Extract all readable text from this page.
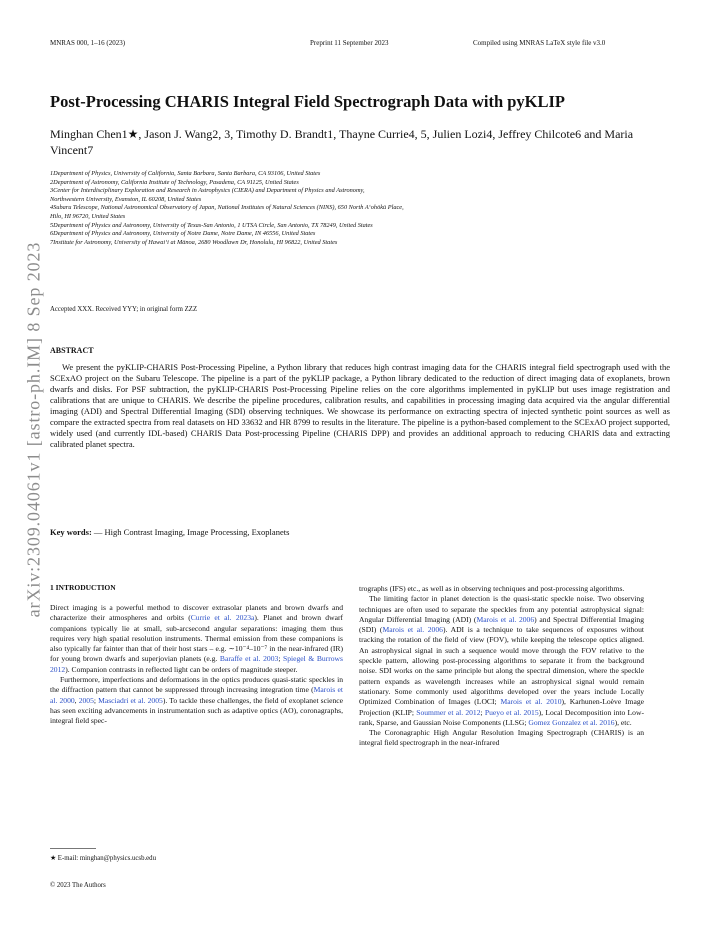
MNRAS 000, 1–16 (2023)	Preprint 11 September 2023	Compiled using MNRAS LaTeX style file v3.0
arXiv:2309.04061v1 [astro-ph.IM] 8 Sep 2023
Post-Processing CHARIS Integral Field Spectrograph Data with pyKLIP
Minghan Chen1★, Jason J. Wang2, 3, Timothy D. Brandt1, Thayne Currie4, 5, Julien Lozi4, Jeffrey Chilcote6 and Maria Vincent7
1Department of Physics, University of California, Santa Barbara, Santa Barbara, CA 93106, United States
2Department of Astronomy, California Institute of Technology, Pasadena, CA 91125, United States
3Center for Interdisciplinary Exploration and Research in Astrophysics (CIERA) and Department of Physics and Astronomy,
Northwestern University, Evanston, IL 60208, United States
4Subaru Telescope, National Astronomical Observatory of Japan, National Institutes of Natural Sciences (NINS), 650 North A‘ohōkū Place,
Hilo, HI 96720, United States
5Department of Physics and Astronomy, University of Texas-San Antonio, 1 UTSA Circle, San Antonio, TX 78249, United States
6Department of Physics and Astronomy, University of Notre Dame, Notre Dame, IN 46556, United States
7Institute for Astronomy, University of Hawai‘i at Mānoa, 2680 Woodlawn Dr, Honolulu, HI 96822, United States
Accepted XXX. Received YYY; in original form ZZZ
ABSTRACT
We present the pyKLIP-CHARIS Post-Processing Pipeline, a Python library that reduces high contrast imaging data for the CHARIS integral field spectrograph used with the SCExAO project on the Subaru Telescope. The pipeline is a part of the pyKLIP package, a Python library dedicated to the reduction of direct imaging data of exoplanets, brown dwarfs and disks. For PSF subtraction, the pyKLIP-CHARIS Post-Processing Pipeline relies on the core algorithms implemented in pyKLIP but uses image registration and calibrations that are unique to CHARIS. We describe the pipeline procedures, calibration results, and capabilities in processing imaging data acquired via the angular differential imaging (ADI) and Spectral Differential Imaging (SDI) observing techniques. We showcase its performance on extracting spectra of injected synthetic point sources as well as compare the extracted spectra from real datasets on HD 33632 and HR 8799 to results in the literature. The pipeline is a python-based complement to the SCExAO project supported, widely used (and currently IDL-based) CHARIS Data Post-processing Pipeline (CHARIS DPP) and provides an additional approach to reducing CHARIS data and extracting calibrated planet spectra.
Key words: — High Contrast Imaging, Image Processing, Exoplanets
1 INTRODUCTION

Direct imaging is a powerful method to discover extrasolar planets and brown dwarfs and characterize their atmospheres and orbits (Currie et al. 2023a). Planet and brown dwarf companions typically lie at small, sub-arcsecond angular separations: imaging them thus requires very high spatial resolution instruments. Thermal emission from these companions is also typically far fainter than that of their host stars – e.g. ∼10⁻⁴–10⁻⁷ in the near-infrared (IR) for young brown dwarfs and superjovian planets (e.g. Baraffe et al. 2003; Spiegel & Burrows 2012). Companion contrasts in reflected light can be orders of magnitude steeper.

Furthermore, imperfections and deformations in the optics produces quasi-static speckles in the diffraction pattern that cannot be suppressed through increasing integration time (Marois et al. 2000, 2005; Masciadri et al. 2005). To tackle these challenges, the field of exoplanet science has seen exciting advancements in instrumentation such as adaptive optics (AO), coronagraphs, integral field spec-

trographs (IFS) etc., as well as in observing techniques and post-processing algorithms.

The limiting factor in planet detection is the quasi-static speckle noise. Two observing techniques are often used to separate the speckles from any potential astrophysical signal: Angular Differential Imaging (ADI) (Marois et al. 2006) and Spectral Differential Imaging (SDI) (Marois et al. 2006). ADI is a technique to take sequences of exposures without tracking the rotation of the field of view (FOV), while keeping the telescope optics aligned. An astrophysical signal in such a sequence would move through the FOV relative to the speckle pattern, allowing post-processing algorithms to separate it from the background noise. SDI works on the same principle but along the spectral dimension, where the speckle pattern expands as wavelength increases while an astrophysical signal would remain stationary. Some commonly used algorithms developed over the years include Locally Optimized Combination of Images (LOCI; Marois et al. 2010), Karhunen-Loève Image Projection (KLIP; Soummer et al. 2012; Pueyo et al. 2015), Local Decomposition into Low-rank, Sparse, and Gaussian Noise Components (LLSG; Gomez Gonzalez et al. 2016), etc.

The Coronagraphic High Angular Resolution Imaging Spectrograph (CHARIS) is an integral field spectrograph in the near-infrared

★ E-mail: minghan@physics.ucsb.edu
© 2023 The Authors
